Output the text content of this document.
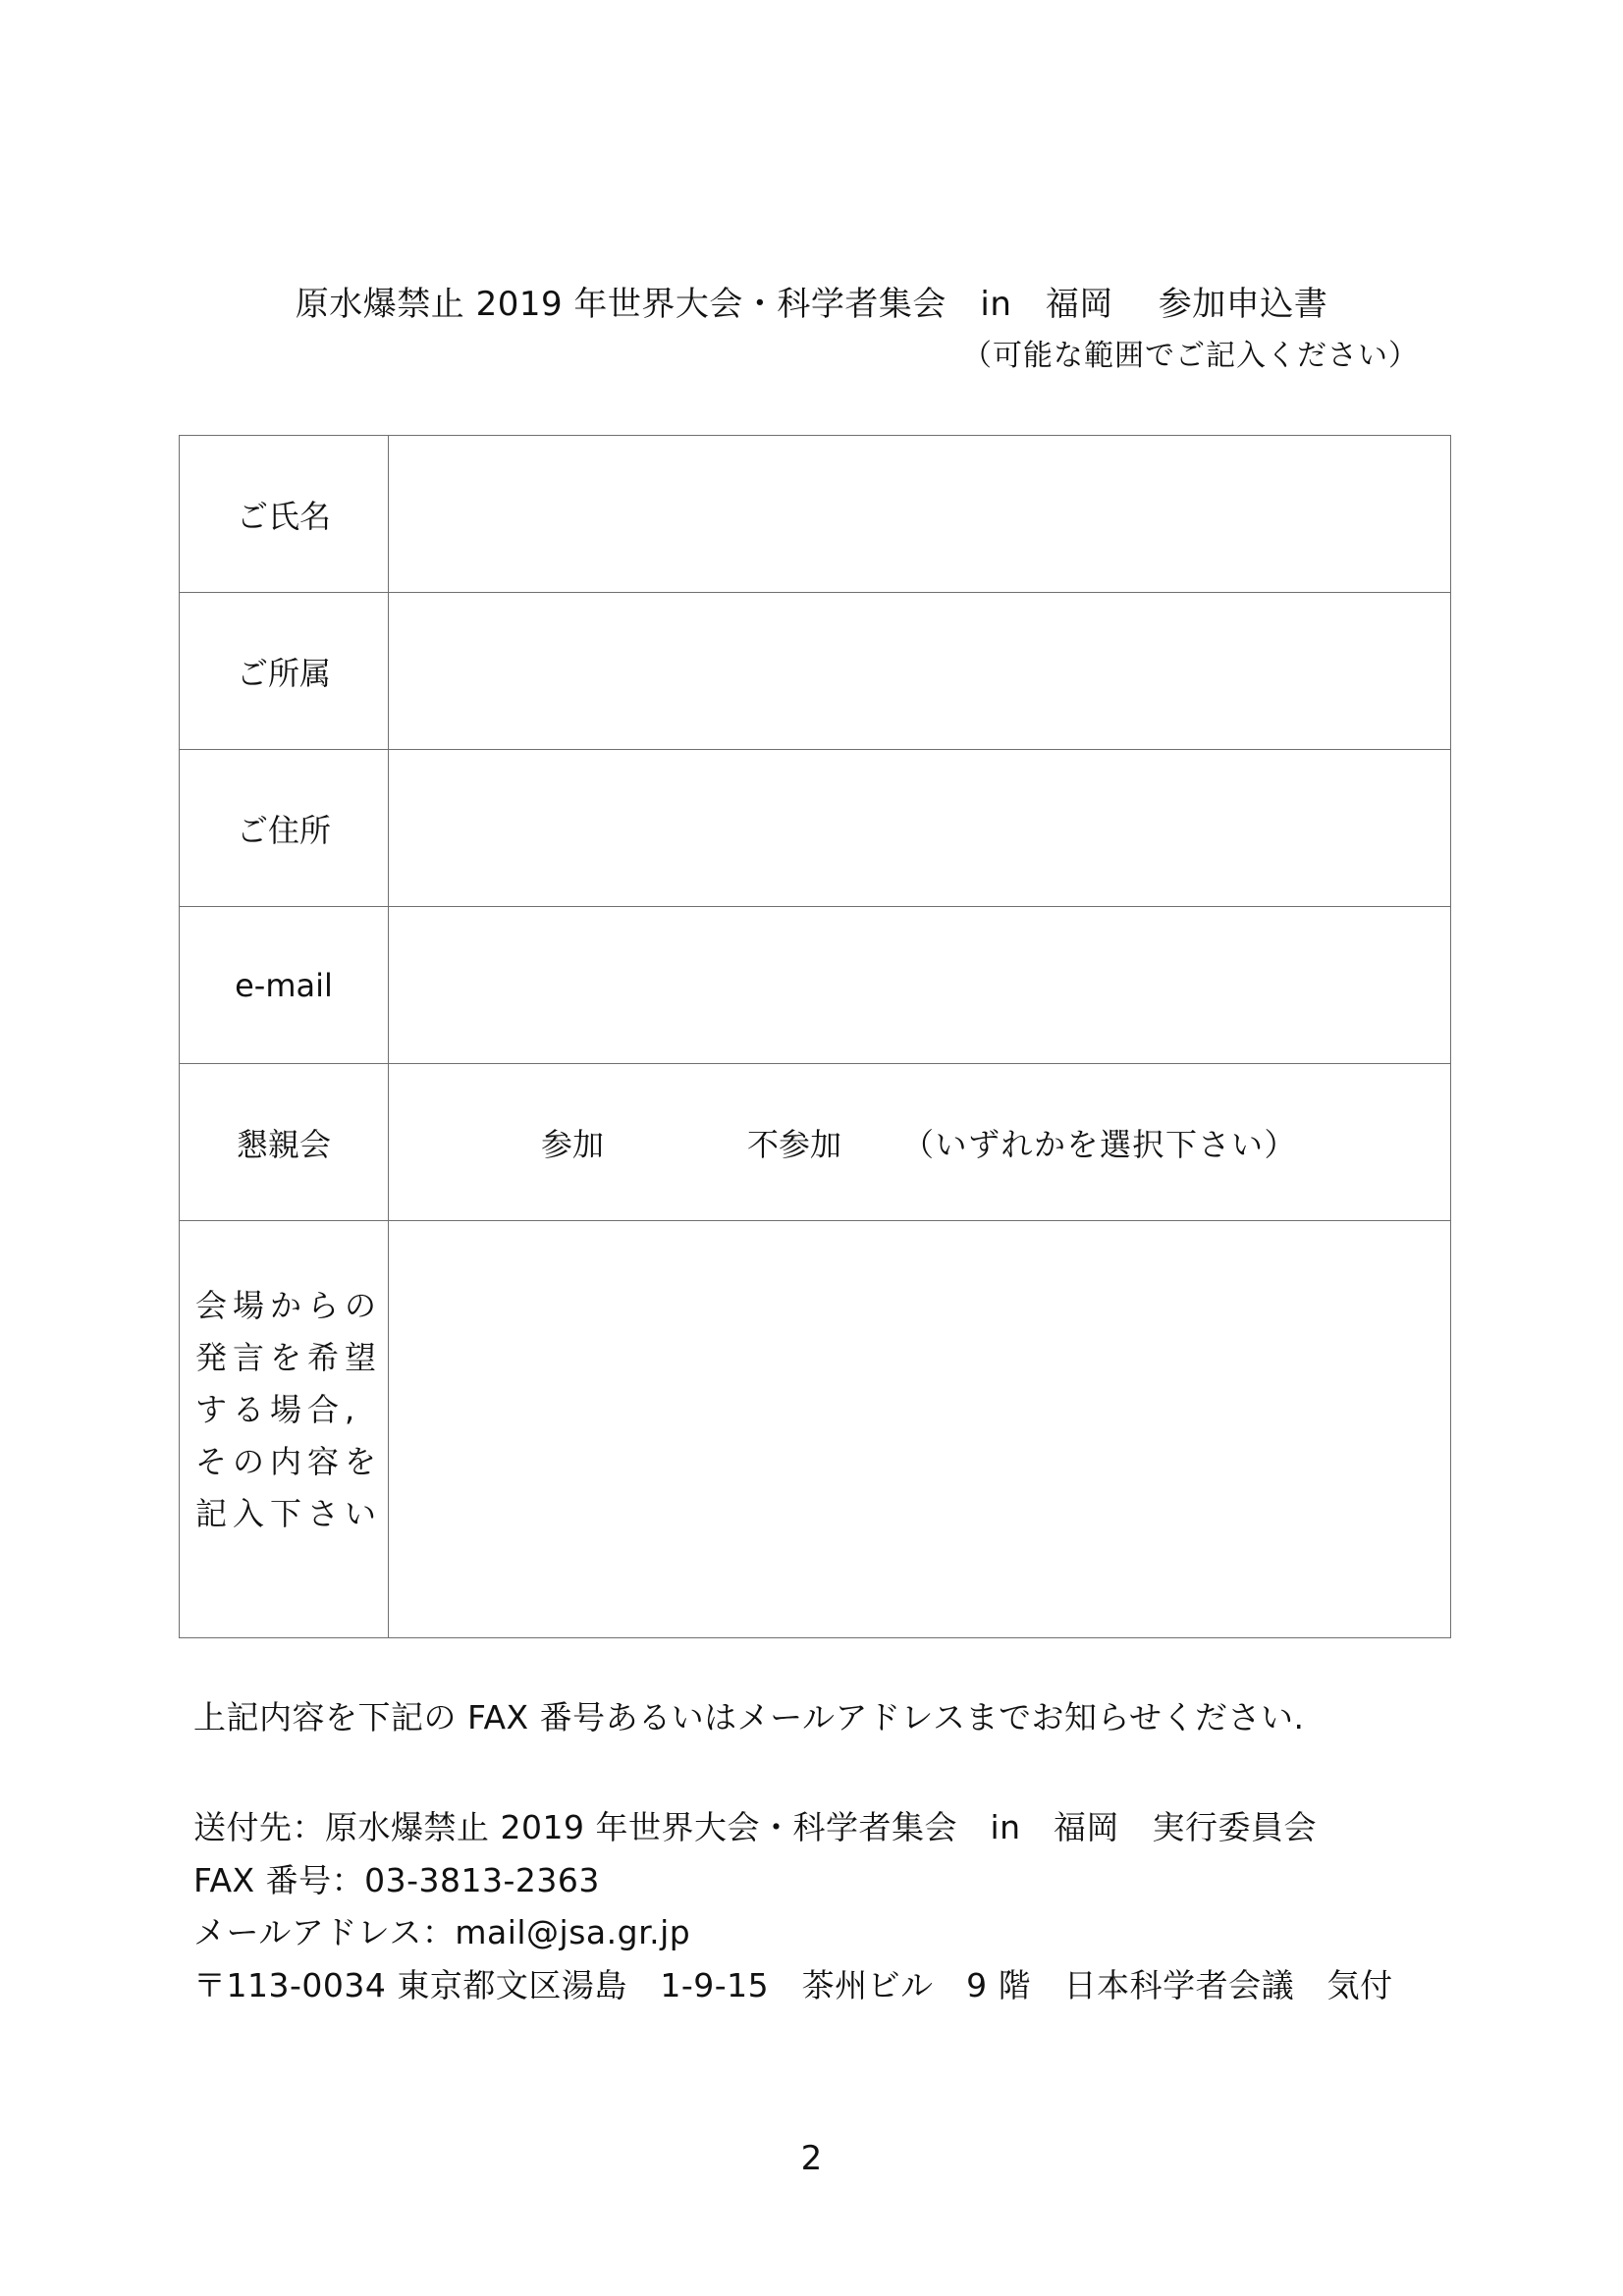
原水爆禁止 2019 年世界大会・科学者集会　in　福岡　 参加申込書
（可能な範囲でご記入ください）
ご氏名	
ご所属	
ご住所	
e-mail	
懇親会	参加 不参加 （いずれかを選択下さい）

会場からの
発言を希望
する場合,
その内容を
記入下さい	

上記内容を下記の FAX 番号あるいはメールアドレスまでお知らせください.
送付先：原水爆禁止 2019 年世界大会・科学者集会　in　福岡　実行委員会
FAX 番号：03-3813-2363
メールアドレス：mail@jsa.gr.jp
〒113-0034 東京都文区湯島　1-9-15　茶州ビル　9 階　日本科学者会議　気付
2
